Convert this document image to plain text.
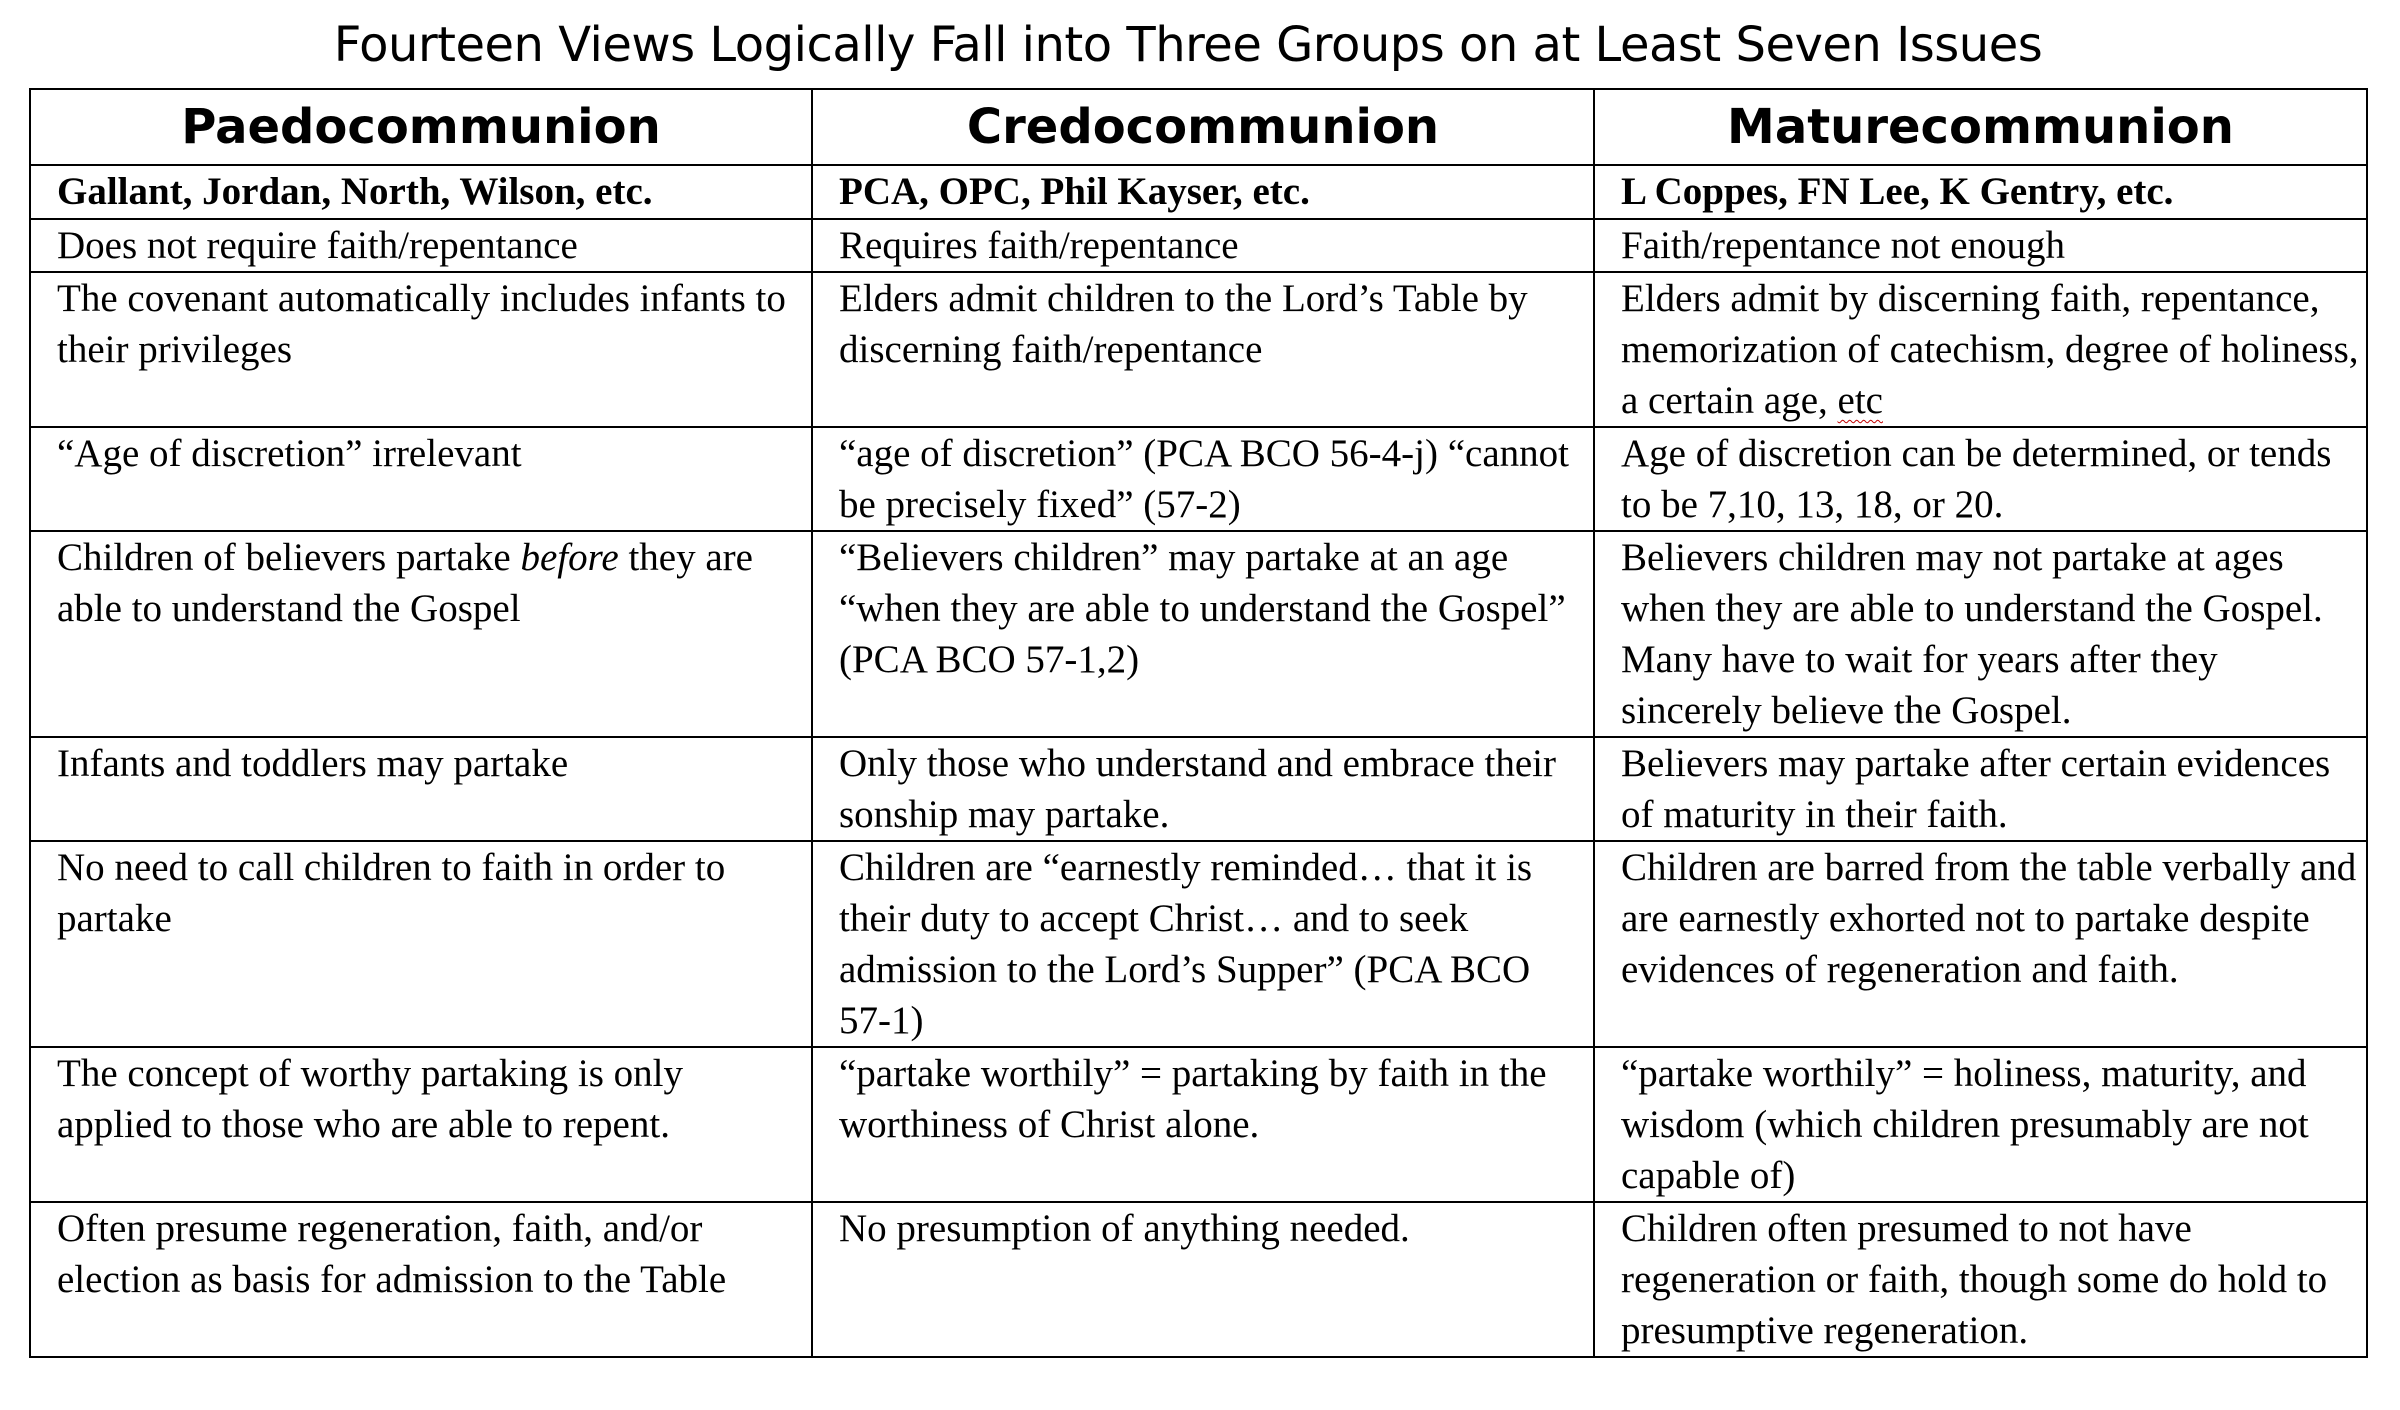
Fourteen Views Logically Fall into Three Groups on at Least Seven Issues
Paedocommunion	Credocommunion	Maturecommunion
Gallant, Jordan, North, Wilson, etc.	PCA, OPC, Phil Kayser, etc.	L Coppes, FN Lee, K Gentry, etc.
Does not require faith/repentance	Requires faith/repentance	Faith/repentance not enough
The covenant automatically includes infants to their privileges	Elders admit children to the Lord’s Table by discerning faith/repentance	Elders admit by discerning faith, repentance, memorization of catechism, degree of holiness, a certain age, etc
“Age of discretion” irrelevant	“age of discretion” (PCA BCO 56-4-j) “cannot be precisely fixed” (57-2)	Age of discretion can be determined, or tends to be 7,10, 13, 18, or 20.
Children of believers partake before they are able to understand the Gospel	“Believers children” may partake at an age “when they are able to understand the Gospel” (PCA BCO 57-1,2)	Believers children may not partake at ages when they are able to understand the Gospel. Many have to wait for years after they sincerely believe the Gospel.
Infants and toddlers may partake	Only those who understand and embrace their sonship may partake.	Believers may partake after certain evidences of maturity in their faith.
No need to call children to faith in order to partake	Children are “earnestly reminded… that it is their duty to accept Christ… and to seek admission to the Lord’s Supper” (PCA BCO 57-1)	Children are barred from the table verbally and are earnestly exhorted not to partake despite evidences of regeneration and faith.
The concept of worthy partaking is only applied to those who are able to repent.	“partake worthily” = partaking by faith in the worthiness of Christ alone.	“partake worthily” = holiness, maturity, and wisdom (which children presumably are not capable of)
Often presume regeneration, faith, and/or election as basis for admission to the Table	No presumption of anything needed.	Children often presumed to not have regeneration or faith, though some do hold to presumptive regeneration.
